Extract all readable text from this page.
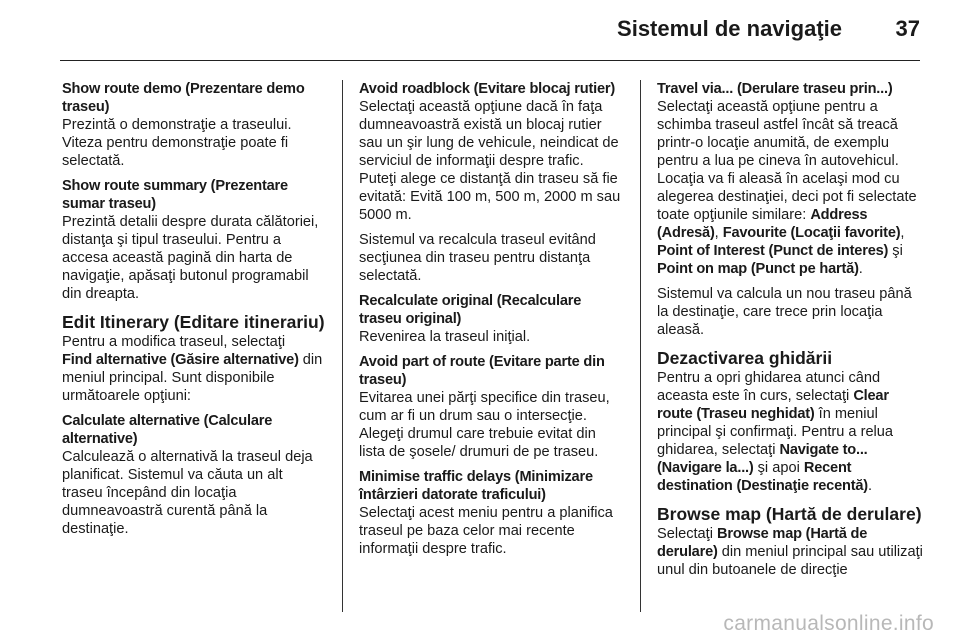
Sistemul de navigaţie 37
Show route demo (Prezentare demo traseu)
Prezintă o demonstraţie a traseului. Viteza pentru demonstraţie poate fi selectată.
Show route summary (Prezentare sumar traseu)
Prezintă detalii despre durata călătoriei, distanţa şi tipul traseului. Pentru a accesa această pagină din harta de navigaţie, apăsaţi butonul programabil din dreapta.
Edit Itinerary (Editare itinerariu)
Pentru a modifica traseul, selectaţi
Find alternative (Găsire alternative) din meniul principal. Sunt disponibile următoarele opţiuni:
Calculate alternative (Calculare alternative)
Calculează o alternativă la traseul deja planificat. Sistemul va căuta un alt traseu începând din locaţia dumneavoastră curentă până la destinaţie.
Avoid roadblock (Evitare blocaj rutier)
Selectaţi această opţiune dacă în faţa dumneavoastră există un blocaj rutier sau un şir lung de vehicule, neindicat de serviciul de informaţii despre trafic. Puteţi alege ce distanţă din traseu să fie evitată: Evită 100 m, 500 m, 2000 m sau 5000 m.
Sistemul va recalcula traseul evitând secţiunea din traseu pentru distanţa selectată.
Recalculate original (Recalculare traseu original)
Revenirea la traseul iniţial.
Avoid part of route (Evitare parte din traseu)
Evitarea unei părţi specifice din traseu, cum ar fi un drum sau o intersecţie. Alegeţi drumul care trebuie evitat din lista de şosele/ drumuri de pe traseu.
Minimise traffic delays (Minimizare întârzieri datorate traficului)
Selectaţi acest meniu pentru a planifica traseul pe baza celor mai recente informaţii despre trafic.
Travel via... (Derulare traseu prin...)
Selectaţi această opţiune pentru a schimba traseul astfel încât să treacă printr-o locaţie anumită, de exemplu pentru a lua pe cineva în autovehicul. Locaţia va fi aleasă în acelaşi mod cu alegerea destinaţiei, deci pot fi selectate toate opţiunile similare: Address (Adresă), Favourite (Locaţii favorite), Point of Interest (Punct de interes) şi Point on map (Punct pe hartă).
Sistemul va calcula un nou traseu până la destinaţie, care trece prin locaţia aleasă.
Dezactivarea ghidării
Pentru a opri ghidarea atunci când aceasta este în curs, selectaţi Clear route (Traseu neghidat) în meniul principal şi confirmaţi. Pentru a relua ghidarea, selectaţi Navigate to... (Navigare la...) şi apoi Recent destination (Destinaţie recentă).
Browse map (Hartă de derulare)
Selectaţi Browse map (Hartă de derulare) din meniul principal sau utilizaţi unul din butoanele de direcţie
carmanualsonline.info
